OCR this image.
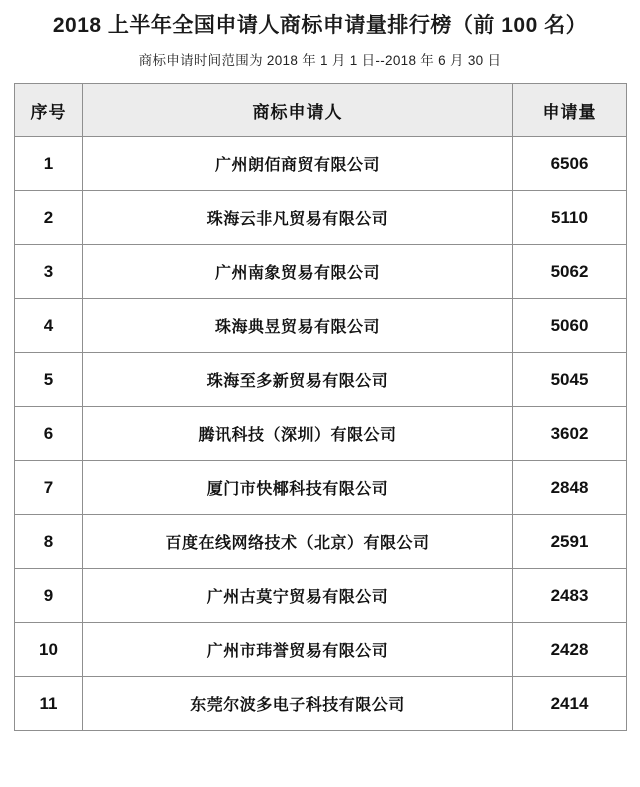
2018 上半年全国申请人商标申请量排行榜（前 100 名）
商标申请时间范围为 2018 年 1 月 1 日--2018 年 6 月 30 日
序号	商标申请人	申请量
1	广州朗佰商贸有限公司	6506
2	珠海云非凡贸易有限公司	5110
3	广州南象贸易有限公司	5062
4	珠海典昱贸易有限公司	5060
5	珠海至多新贸易有限公司	5045
6	腾讯科技（深圳）有限公司	3602
7	厦门市快椰科技有限公司	2848
8	百度在线网络技术（北京）有限公司	2591
9	广州古莫宁贸易有限公司	2483
10	广州市玮誉贸易有限公司	2428
11	东莞尔波多电子科技有限公司	2414
